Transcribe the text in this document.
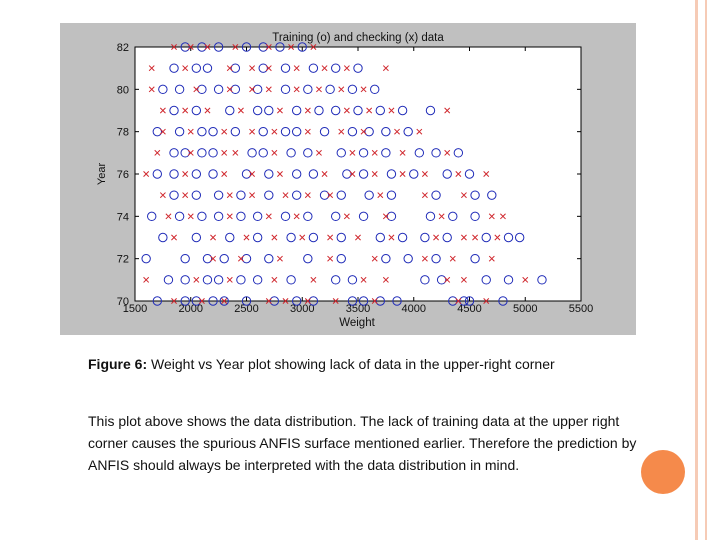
Training (o) and checking (x) data
Weight
Year
1500	2000	2500	3000	3500	4000	4500	5000	5500
70
72
74
76
78
80
82

Figure 6: Weight vs Year plot showing lack of data in the upper-right corner

This plot above shows the data distribution. The lack of training data at the upper right corner causes the spurious ANFIS surface mentioned earlier. Therefore the prediction by ANFIS should always be interpreted with the data distribution in mind.
